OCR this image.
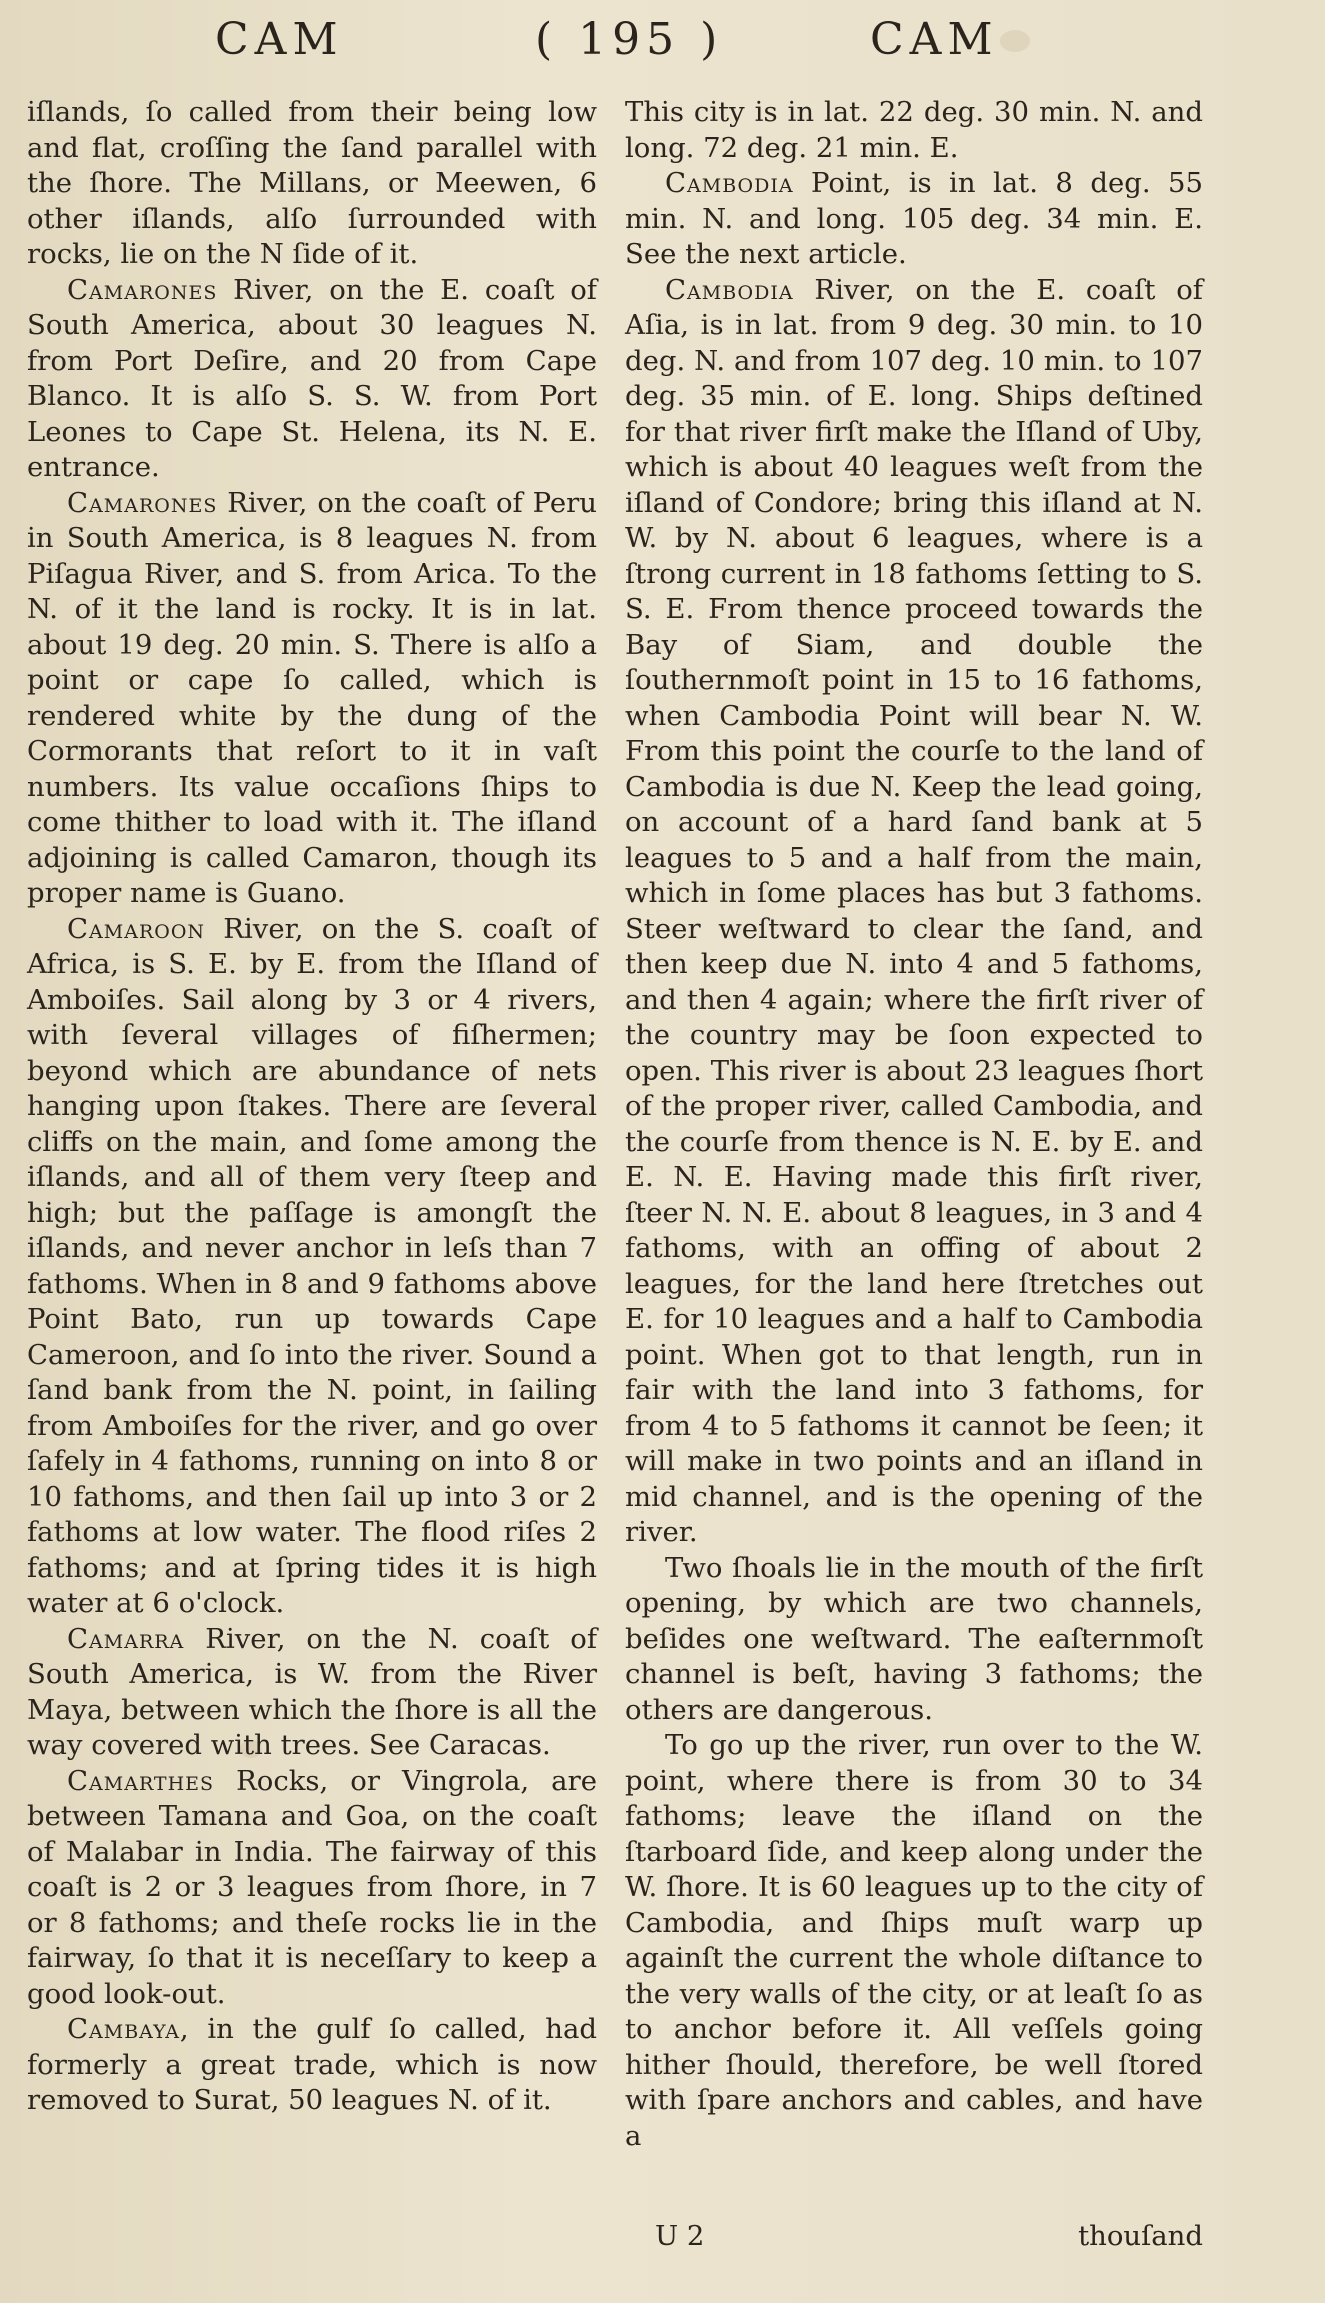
CAM	( 195 )	CAM

iſlands, ſo called from their being low and flat, croſſing the ſand parallel with the ſhore. The Millans, or Meewen, 6 other iſlands, alſo ſurrounded with rocks, lie on the N ſide of it.

Camarones River, on the E. coaſt of South America, about 30 leagues N. from Port Deſire, and 20 from Cape Blanco. It is alſo S. S. W. from Port Leones to Cape St. Helena, its N. E. entrance.

Camarones River, on the coaſt of Peru in South America, is 8 leagues N. from Piſagua River, and S. from Arica. To the N. of it the land is rocky. It is in lat. about 19 deg. 20 min. S. There is alſo a point or cape ſo called, which is rendered white by the dung of the Cormorants that reſort to it in vaſt numbers. Its value occaſions ſhips to come thither to load with it. The iſland adjoining is called Camaron, though its proper name is Guano.

Camaroon River, on the S. coaſt of Africa, is S. E. by E. from the Iſland of Amboiſes. Sail along by 3 or 4 rivers, with ſeveral villages of fiſhermen; beyond which are abundance of nets hanging upon ſtakes. There are ſeveral cliffs on the main, and ſome among the iſlands, and all of them very ſteep and high; but the paſſage is amongſt the iſlands, and never anchor in leſs than 7 fathoms. When in 8 and 9 fathoms above Point Bato, run up towards Cape Cameroon, and ſo into the river. Sound a ſand bank from the N. point, in ſailing from Amboiſes for the river, and go over ſafely in 4 fathoms, running on into 8 or 10 fathoms, and then ſail up into 3 or 2 fathoms at low water. The flood riſes 2 fathoms; and at ſpring tides it is high water at 6 o'clock.

Camarra River, on the N. coaſt of South America, is W. from the River Maya, between which the ſhore is all the way covered with trees. See Caracas.

Camarthes Rocks, or Vingrola, are between Tamana and Goa, on the coaſt of Malabar in India. The fairway of this coaſt is 2 or 3 leagues from ſhore, in 7 or 8 fathoms; and theſe rocks lie in the fairway, ſo that it is neceſſary to keep a good look-out.

Cambaya, in the gulf ſo called, had formerly a great trade, which is now removed to Surat, 50 leagues N. of it.

This city is in lat. 22 deg. 30 min. N. and long. 72 deg. 21 min. E.

Cambodia Point, is in lat. 8 deg. 55 min. N. and long. 105 deg. 34 min. E. See the next article.

Cambodia River, on the E. coaſt of Aſia, is in lat. from 9 deg. 30 min. to 10 deg. N. and from 107 deg. 10 min. to 107 deg. 35 min. of E. long. Ships deſtined for that river firſt make the Iſland of Uby, which is about 40 leagues weſt from the iſland of Condore; bring this iſland at N. W. by N. about 6 leagues, where is a ſtrong current in 18 fathoms ſetting to S. S. E. From thence proceed towards the Bay of Siam, and double the ſouthernmoſt point in 15 to 16 fathoms, when Cambodia Point will bear N. W. From this point the courſe to the land of Cambodia is due N. Keep the lead going, on account of a hard ſand bank at 5 leagues to 5 and a half from the main, which in ſome places has but 3 fathoms. Steer weſtward to clear the ſand, and then keep due N. into 4 and 5 fathoms, and then 4 again; where the firſt river of the country may be ſoon expected to open. This river is about 23 leagues ſhort of the proper river, called Cambodia, and the courſe from thence is N. E. by E. and E. N. E. Having made this firſt river, ſteer N. N. E. about 8 leagues, in 3 and 4 fathoms, with an offing of about 2 leagues, for the land here ſtretches out E. for 10 leagues and a half to Cambodia point. When got to that length, run in fair with the land into 3 fathoms, for from 4 to 5 fathoms it cannot be ſeen; it will make in two points and an iſland in mid channel, and is the opening of the river.

Two ſhoals lie in the mouth of the firſt opening, by which are two channels, beſides one weſtward. The eaſternmoſt channel is beſt, having 3 fathoms; the others are dangerous.

To go up the river, run over to the W. point, where there is from 30 to 34 fathoms; leave the iſland on the ſtarboard ſide, and keep along under the W. ſhore. It is 60 leagues up to the city of Cambodia, and ſhips muſt warp up againſt the current the whole diſtance to the very walls of the city, or at leaſt ſo as to anchor before it. All veſſels going hither ſhould, therefore, be well ſtored with ſpare anchors and cables, and have a

U 2	thouſand
